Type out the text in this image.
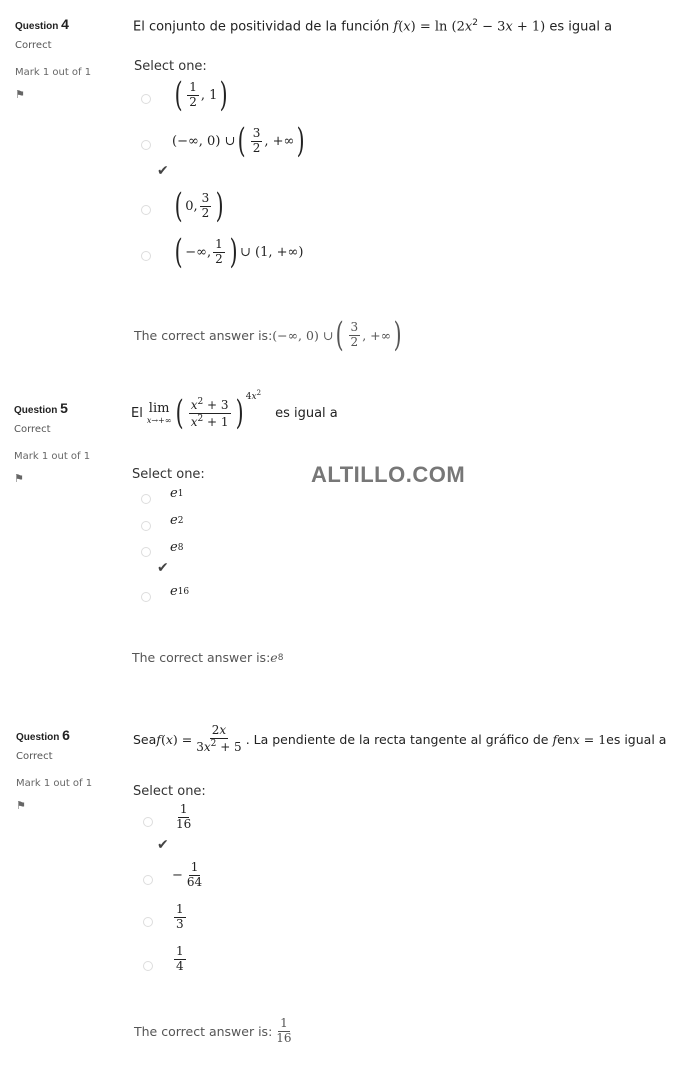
ALTILLO.COM
Question 4
Correct
Mark 1 out of 1
⚑
El conjunto de positividad de la función $f(x) = \ln (2x^2 - 3x + 1)$ es igual a
Select one:
( $\frac{1}{2}$ , 1 )
(−∞, 0) ∪ ( $\frac{3}{2}$ , +∞ )
✔
( 0, $\frac{3}{2}$ )
( −∞, $\frac{1}{2}$ ) ∪ (1, +∞)
The correct answer is: (−∞, 0) ∪ ( $\frac{3}{2}$ , +∞ )
Question 5
Correct
Mark 1 out of 1
⚑
El lim
x→+∞ ( $\frac{x^2 + 3}{x^2 + 1}$ ) $4x^2$
es igual a
Select one:
e 1
e 2
e 8
✔
e 16
The correct answer is: e 8
Question 6
Correct
Mark 1 out of 1
⚑
Sea f ( x ) = $\frac{2x}{3x^2 + 5}$ . La pendiente de la recta tangente al gráfico de f en x = 1 es igual a
Select one:
$\frac{1}{16}$
✔
− $\frac{1}{64}$
$\frac{1}{3}$
$\frac{1}{4}$
The correct answer is: $\frac{1}{16}$
